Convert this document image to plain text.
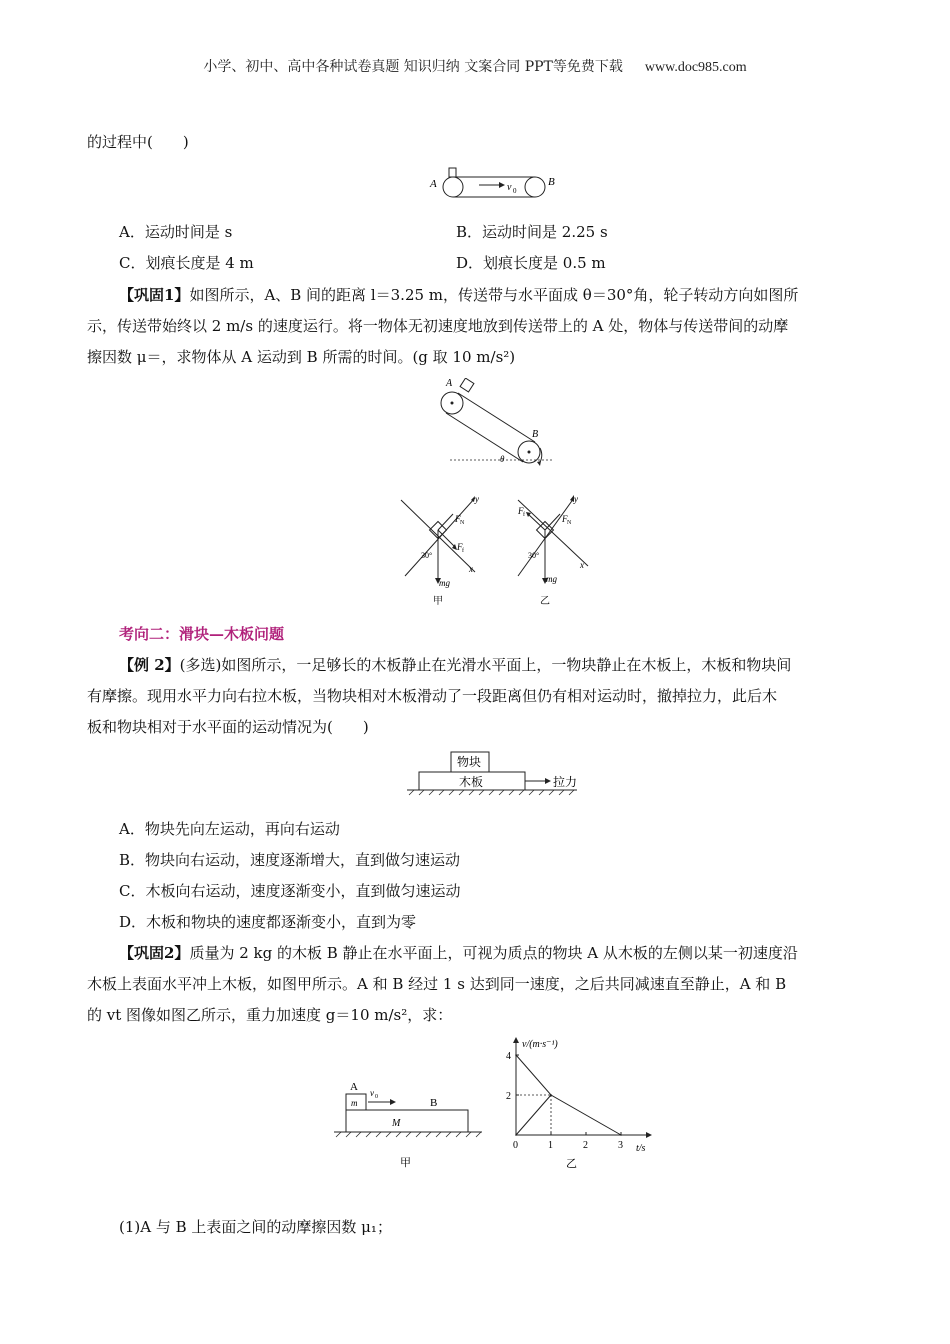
小学、初中、高中各种试卷真题 知识归纳 文案合同 PPT等免费下载 www.doc985.com

的过程中(　　)

A	B
v 0

A．运动时间是 s	B．运动时间是 2.25 s

C．划痕长度是 4 m	D．划痕长度是 0.5 m

【巩固1】如图所示，A、B 间的距离 l＝3.25 m，传送带与水平面成 θ＝30°角，轮子转动方向如图所

示，传送带始终以 2 m/s 的速度运行。将一物体无初速度地放到传送带上的 A 处，物体与传送带间的动摩

擦因数 μ＝，求物体从 A 运动到 B 所需的时间。(g 取 10 m/s²)

A
B
θ
y
x
F N
F f
30°
mg
甲
y
x
F N
F f
30°
mg
乙

考向二：滑块—木板问题

【例 2】(多选)如图所示，一足够长的木板静止在光滑水平面上，一物块静止在木板上，木板和物块间

有摩擦。现用水平力向右拉木板，当物块相对木板滑动了一段距离但仍有相对运动时，撤掉拉力，此后木

板和物块相对于水平面的运动情况为(　　)

物块
木板	拉力

A．物块先向左运动，再向右运动

B．物块向右运动，速度逐渐增大，直到做匀速运动

C．木板向右运动，速度逐渐变小，直到做匀速运动

D．木板和物块的速度都逐渐变小，直到为零

【巩固2】质量为 2 kg 的木板 B 静止在水平面上，可视为质点的物块 A 从木板的左侧以某一初速度沿

木板上表面水平冲上木板，如图甲所示。A 和 B 经过 1 s 达到同一速度，之后共同减速直至静止，A 和 B

的 vt 图像如图乙所示，重力加速度 g＝10 m/s²，求：

A
m
v 0	B
M
甲
v/(m·s⁻¹)
t/s
乙
0	1	2	3
2
4

(1)A 与 B 上表面之间的动摩擦因数 μ₁；
